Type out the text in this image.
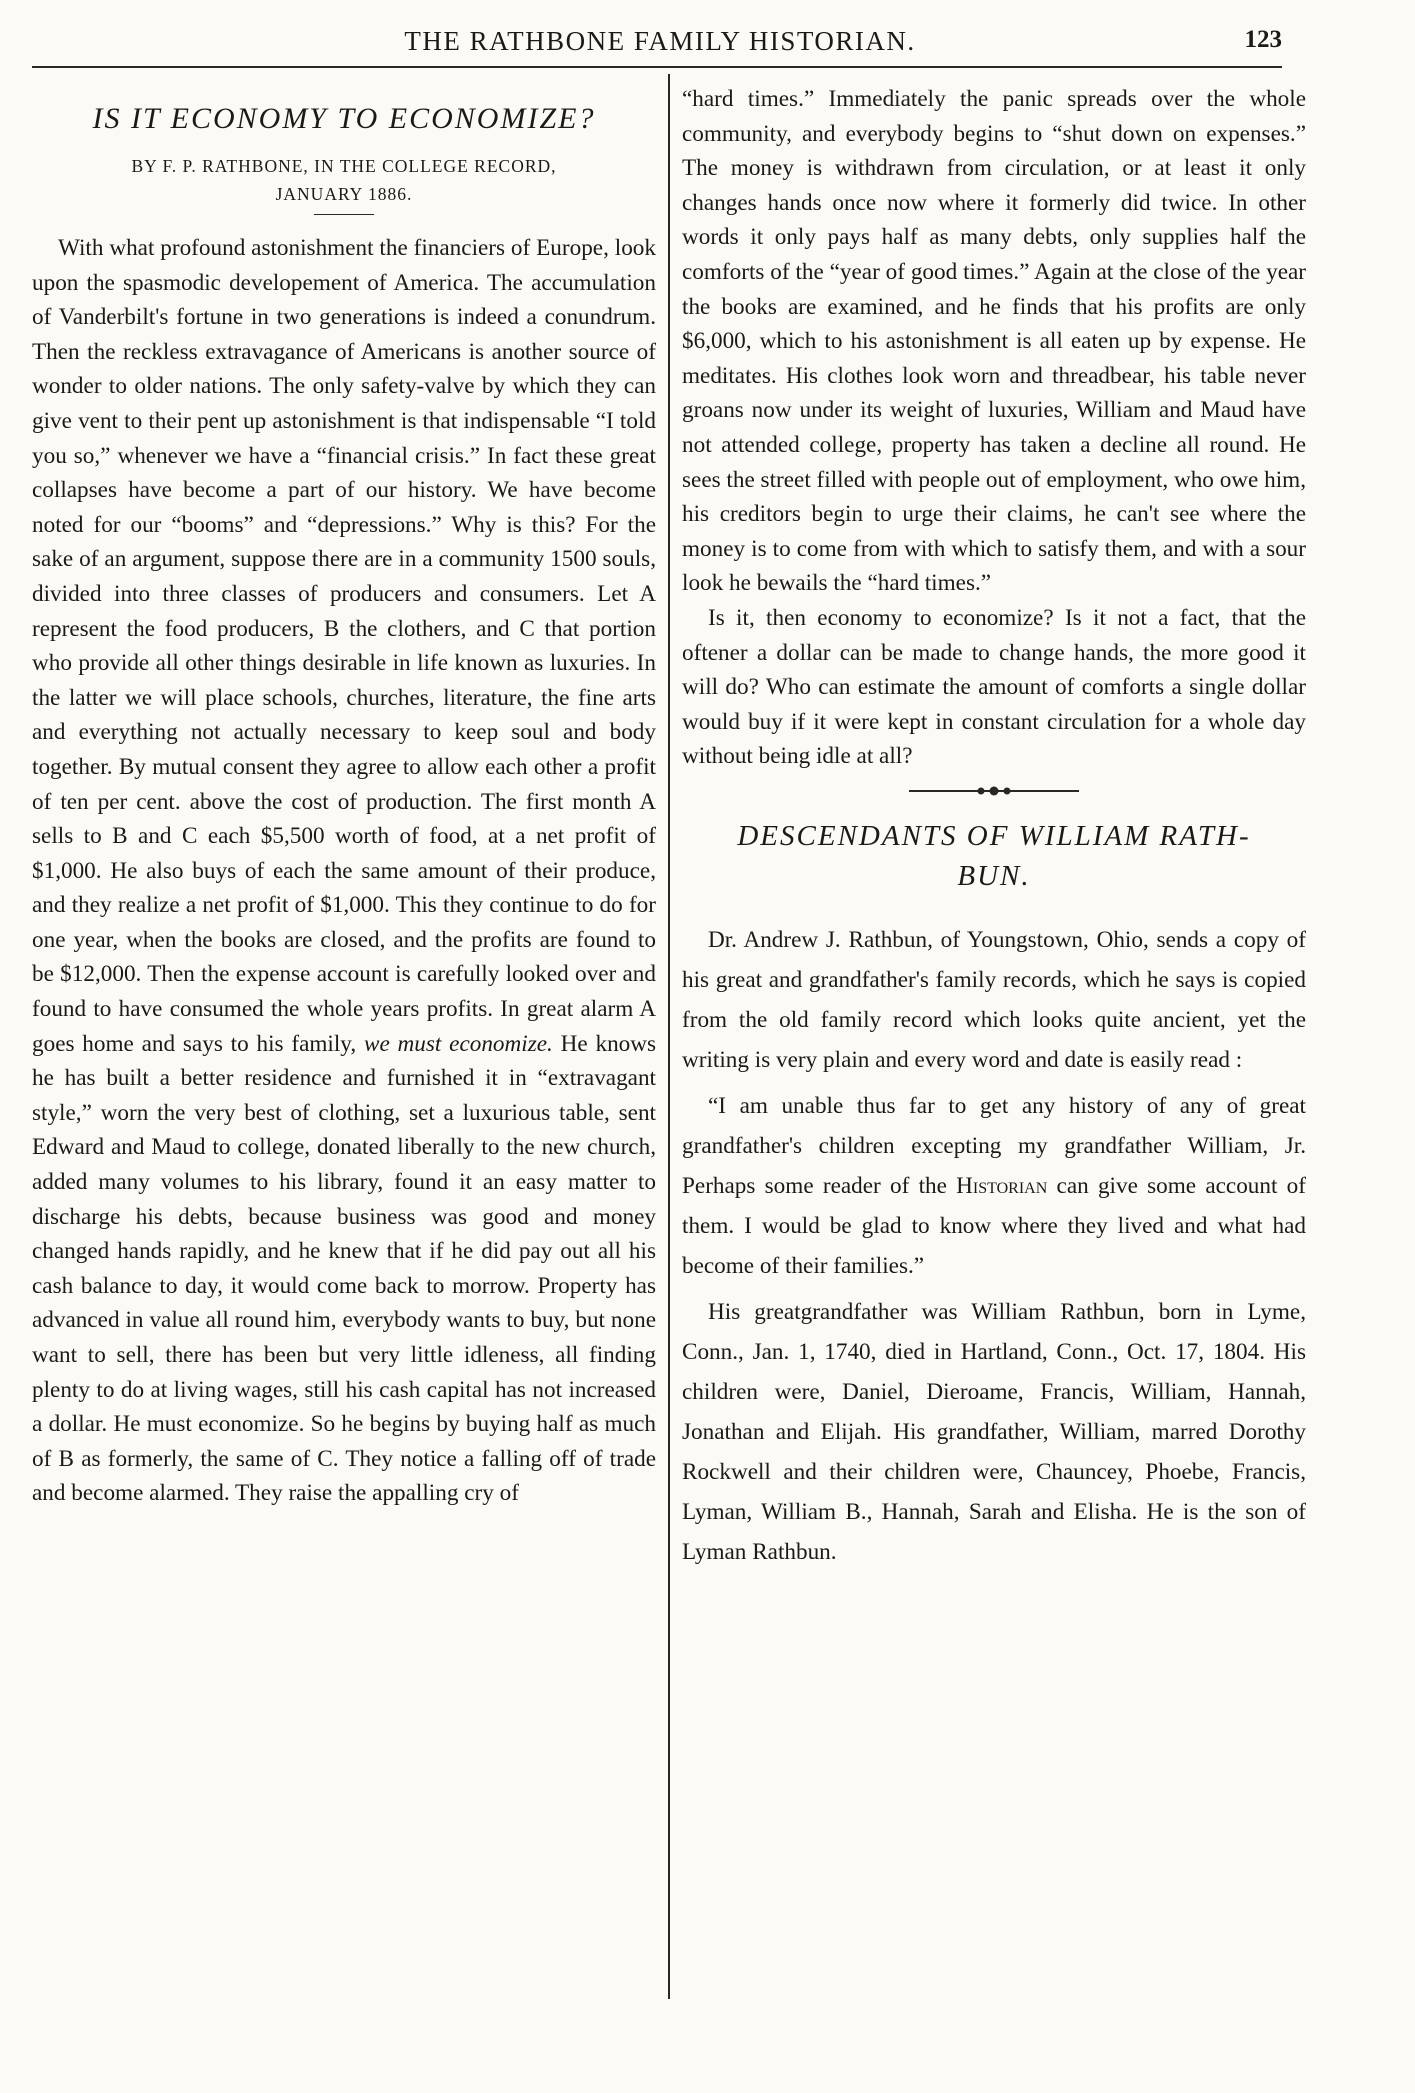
THE RATHBONE FAMILY HISTORIAN.	123
IS IT ECONOMY TO ECONOMIZE?
BY F. P. RATHBONE, IN THE COLLEGE RECORD,
JANUARY 1886.

With what profound astonishment the financiers of Europe, look upon the spasmodic developement of America. The accumulation of Vanderbilt's fortune in two generations is indeed a conundrum. Then the reckless extravagance of Americans is another source of wonder to older nations. The only safety-valve by which they can give vent to their pent up astonishment is that indispensable “I told you so,” whenever we have a “financial crisis.” In fact these great collapses have become a part of our history. We have become noted for our “booms” and “depressions.” Why is this? For the sake of an argument, suppose there are in a community 1500 souls, divided into three classes of producers and consumers. Let A represent the food producers, B the clothers, and C that portion who provide all other things desirable in life known as luxuries. In the latter we will place schools, churches, literature, the fine arts and everything not actually necessary to keep soul and body together. By mutual consent they agree to allow each other a profit of ten per cent. above the cost of production. The first month A sells to B and C each $5,500 worth of food, at a net profit of $1,000. He also buys of each the same amount of their produce, and they realize a net profit of $1,000. This they continue to do for one year, when the books are closed, and the profits are found to be $12,000. Then the expense account is carefully looked over and found to have consumed the whole years profits. In great alarm A goes home and says to his family, we must economize. He knows he has built a better residence and furnished it in “extravagant style,” worn the very best of clothing, set a luxurious table, sent Edward and Maud to college, donated liberally to the new church, added many volumes to his library, found it an easy matter to discharge his debts, because business was good and money changed hands rapidly, and he knew that if he did pay out all his cash balance to day, it would come back to morrow. Property has advanced in value all round him, everybody wants to buy, but none want to sell, there has been but very little idleness, all finding plenty to do at living wages, still his cash capital has not increased a dollar. He must economize. So he begins by buying half as much of B as formerly, the same of C. They notice a falling off of trade and become alarmed. They raise the appalling cry of

“hard times.” Immediately the panic spreads over the whole community, and everybody begins to “shut down on expenses.” The money is withdrawn from circulation, or at least it only changes hands once now where it formerly did twice. In other words it only pays half as many debts, only supplies half the comforts of the “year of good times.” Again at the close of the year the books are examined, and he finds that his profits are only $6,000, which to his astonishment is all eaten up by expense. He meditates. His clothes look worn and threadbear, his table never groans now under its weight of luxuries, William and Maud have not attended college, property has taken a decline all round. He sees the street filled with people out of employment, who owe him, his creditors begin to urge their claims, he can't see where the money is to come from with which to satisfy them, and with a sour look he bewails the “hard times.”

Is it, then economy to economize? Is it not a fact, that the oftener a dollar can be made to change hands, the more good it will do? Who can estimate the amount of comforts a single dollar would buy if it were kept in constant circulation for a whole day without being idle at all?

DESCENDANTS OF WILLIAM RATH-
BUN.

Dr. Andrew J. Rathbun, of Youngstown, Ohio, sends a copy of his great and grandfather's family records, which he says is copied from the old family record which looks quite ancient, yet the writing is very plain and every word and date is easily read :

“I am unable thus far to get any history of any of great grandfather's children excepting my grandfather William, Jr. Perhaps some reader of the Historian can give some account of them. I would be glad to know where they lived and what had become of their families.”

His greatgrandfather was William Rathbun, born in Lyme, Conn., Jan. 1, 1740, died in Hartland, Conn., Oct. 17, 1804. His children were, Daniel, Dieroame, Francis, William, Hannah, Jonathan and Elijah. His grandfather, William, marred Dorothy Rockwell and their children were, Chauncey, Phoebe, Francis, Lyman, William B., Hannah, Sarah and Elisha. He is the son of Lyman Rathbun.
